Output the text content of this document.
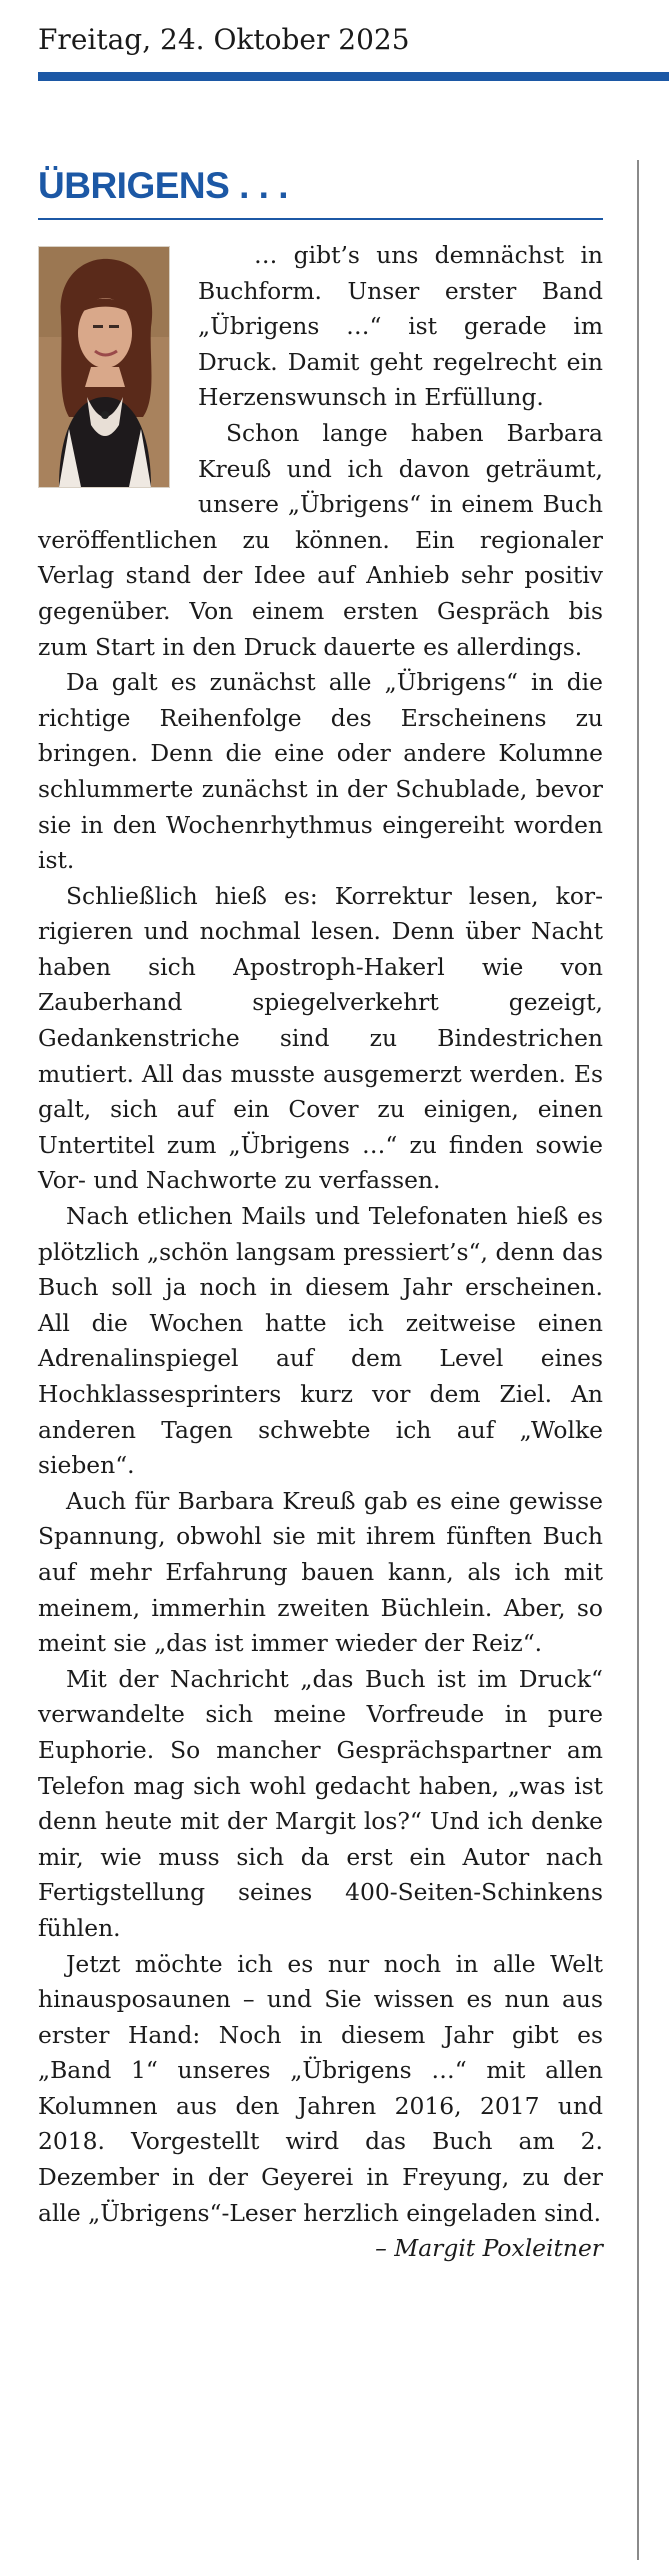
Freitag, 24. Oktober 2025

ÜBRIGENS . . .

… gibt’s uns demnächst in Buchform. Unser erster Band „Übrigens …“ ist gerade im Druck. Damit geht regelrecht ein Herzenswunsch in Erfüllung.

Schon lange haben Barbara Kreuß und ich davon geträumt, unsere „Übrigens“ in einem Buch veröffentlichen zu können. Ein regionaler Verlag stand der Idee auf Anhieb sehr positiv gegenüber. Von einem ersten Gespräch bis zum Start in den Druck dauerte es allerdings.

Da galt es zunächst alle „Übrigens“ in die richtige Reihenfolge des Erscheinens zu bringen. Denn die eine oder andere Kolumne schlummerte zunächst in der Schublade, bevor sie in den Wochenrhythmus eingereiht worden ist.

Schließlich hieß es: Korrektur lesen, korrigieren und nochmal lesen. Denn über Nacht haben sich Apostroph-Hakerl wie von Zauberhand spiegelverkehrt gezeigt, Gedankenstriche sind zu Bindestrichen mutiert. All das musste ausgemerzt werden. Es galt, sich auf ein Cover zu einigen, einen Untertitel zum „Übrigens …“ zu finden sowie Vor- und Nachworte zu verfassen.

Nach etlichen Mails und Telefonaten hieß es plötzlich „schön langsam pressiert’s“, denn das Buch soll ja noch in diesem Jahr erscheinen. All die Wochen hatte ich zeitweise einen Adrenalinspiegel auf dem Level eines Hochklassesprinters kurz vor dem Ziel. An anderen Tagen schwebte ich auf „Wolke sieben“.

Auch für Barbara Kreuß gab es eine gewisse Spannung, obwohl sie mit ihrem fünften Buch auf mehr Erfahrung bauen kann, als ich mit meinem, immerhin zweiten Büchlein. Aber, so meint sie „das ist immer wieder der Reiz“.

Mit der Nachricht „das Buch ist im Druck“ verwandelte sich meine Vorfreude in pure Euphorie. So mancher Gesprächspartner am Telefon mag sich wohl gedacht haben, „was ist denn heute mit der Margit los?“ Und ich denke mir, wie muss sich da erst ein Autor nach Fertigstellung seines 400-Seiten-Schinkens fühlen.

Jetzt möchte ich es nur noch in alle Welt hinausposaunen – und Sie wissen es nun aus erster Hand: Noch in diesem Jahr gibt es „Band 1“ unseres „Übrigens …“ mit allen Kolumnen aus den Jahren 2016, 2017 und 2018. Vorgestellt wird das Buch am 2. Dezember in der Geyerei in Freyung, zu der alle „Übrigens“-Leser herzlich eingeladen sind.
– Margit Poxleitner
